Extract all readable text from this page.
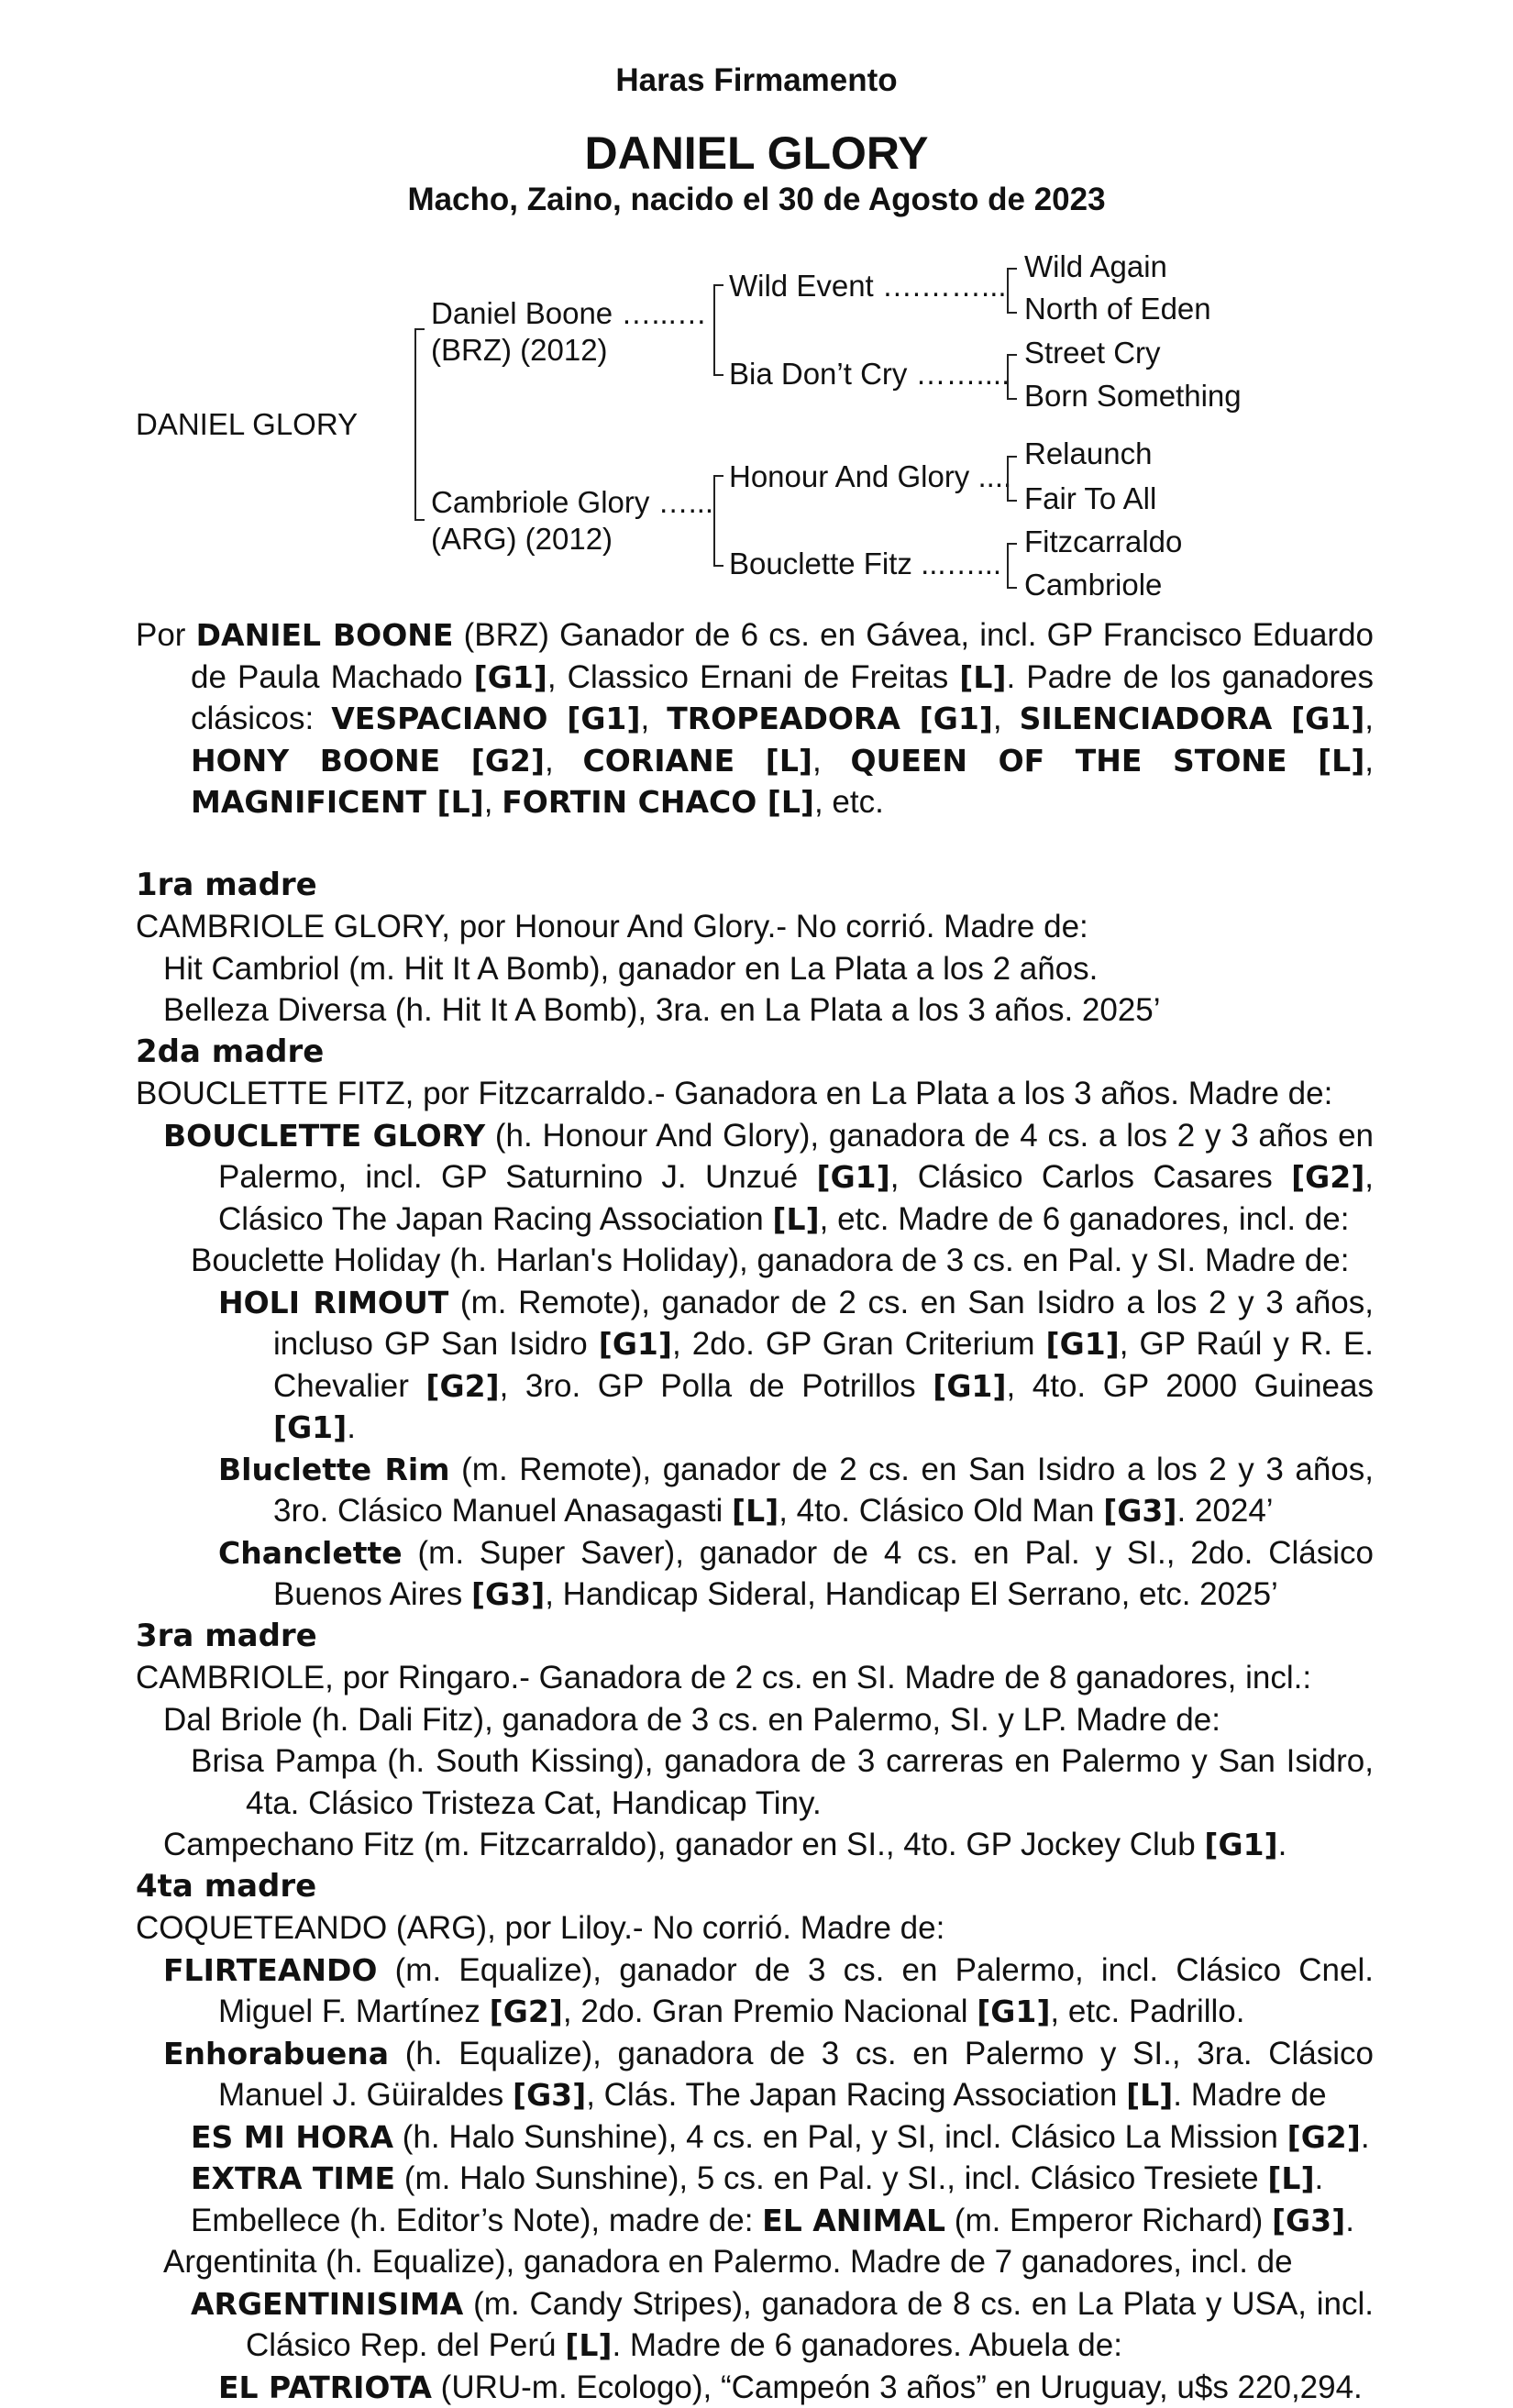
Haras Firmamento
DANIEL GLORY
Macho, Zaino, nacido el 30 de Agosto de 2023
DANIEL GLORY
Daniel Boone …...…
(BRZ) (2012)
Cambriole Glory …...
(ARG) (2012)
Wild Event ….……...
Bia Don’t Cry ……....
Honour And Glory ....
Bouclette Fitz ...…...
Wild Again
North of Eden
Street Cry
Born Something
Relaunch
Fair To All
Fitzcarraldo
Cambriole
Por DANIEL BOONE (BRZ) Ganador de 6 cs. en Gávea, incl. GP Francisco Eduardo de Paula Machado [G1], Classico Ernani de Freitas [L]. Padre de los ganadores clásicos: VESPACIANO [G1], TROPEADORA [G1], SILENCIADORA [G1], HONY BOONE [G2], CORIANE [L], QUEEN OF THE STONE [L], MAGNIFICENT [L], FORTIN CHACO [L], etc.
1ra madre
CAMBRIOLE GLORY, por Honour And Glory.- No corrió. Madre de:
Hit Cambriol (m. Hit It A Bomb), ganador en La Plata a los 2 años.
Belleza Diversa (h. Hit It A Bomb), 3ra. en La Plata a los 3 años. 2025’
2da madre
BOUCLETTE FITZ, por Fitzcarraldo.- Ganadora en La Plata a los 3 años. Madre de:
BOUCLETTE GLORY (h. Honour And Glory), ganadora de 4 cs. a los 2 y 3 años en Palermo, incl. GP Saturnino J. Unzué [G1], Clásico Carlos Casares [G2], Clásico The Japan Racing Association [L], etc. Madre de 6 ganadores, incl. de:
Bouclette Holiday (h. Harlan's Holiday), ganadora de 3 cs. en Pal. y SI. Madre de:
HOLI RIMOUT (m. Remote), ganador de 2 cs. en San Isidro a los 2 y 3 años, incluso GP San Isidro [G1], 2do. GP Gran Criterium [G1], GP Raúl y R. E. Chevalier [G2], 3ro. GP Polla de Potrillos [G1], 4to. GP 2000 Guineas [G1].
Bluclette Rim (m. Remote), ganador de 2 cs. en San Isidro a los 2 y 3 años, 3ro. Clásico Manuel Anasagasti [L], 4to. Clásico Old Man [G3]. 2024’
Chanclette (m. Super Saver), ganador de 4 cs. en Pal. y SI., 2do. Clásico Buenos Aires [G3], Handicap Sideral, Handicap El Serrano, etc. 2025’
3ra madre
CAMBRIOLE, por Ringaro.- Ganadora de 2 cs. en SI. Madre de 8 ganadores, incl.:
Dal Briole (h. Dali Fitz), ganadora de 3 cs. en Palermo, SI. y LP. Madre de:
Brisa Pampa (h. South Kissing), ganadora de 3 carreras en Palermo y San Isidro, 4ta. Clásico Tristeza Cat, Handicap Tiny.
Campechano Fitz (m. Fitzcarraldo), ganador en SI., 4to. GP Jockey Club [G1].
4ta madre
COQUETEANDO (ARG), por Liloy.- No corrió. Madre de:
FLIRTEANDO (m. Equalize), ganador de 3 cs. en Palermo, incl. Clásico Cnel. Miguel F. Martínez [G2], 2do. Gran Premio Nacional [G1], etc. Padrillo.
Enhorabuena (h. Equalize), ganadora de 3 cs. en Palermo y SI., 3ra. Clásico Manuel J. Güiraldes [G3], Clás. The Japan Racing Association [L]. Madre de
ES MI HORA (h. Halo Sunshine), 4 cs. en Pal, y SI, incl. Clásico La Mission [G2].
EXTRA TIME (m. Halo Sunshine), 5 cs. en Pal. y SI., incl. Clásico Tresiete [L].
Embellece (h. Editor’s Note), madre de: EL ANIMAL (m. Emperor Richard) [G3].
Argentinita (h. Equalize), ganadora en Palermo. Madre de 7 ganadores, incl. de
ARGENTINISIMA (m. Candy Stripes), ganadora de 8 cs. en La Plata y USA, incl. Clásico Rep. del Perú [L]. Madre de 6 ganadores. Abuela de:
EL PATRIOTA (URU-m. Ecologo), “Campeón 3 años” en Uruguay, u$s 220,294.
